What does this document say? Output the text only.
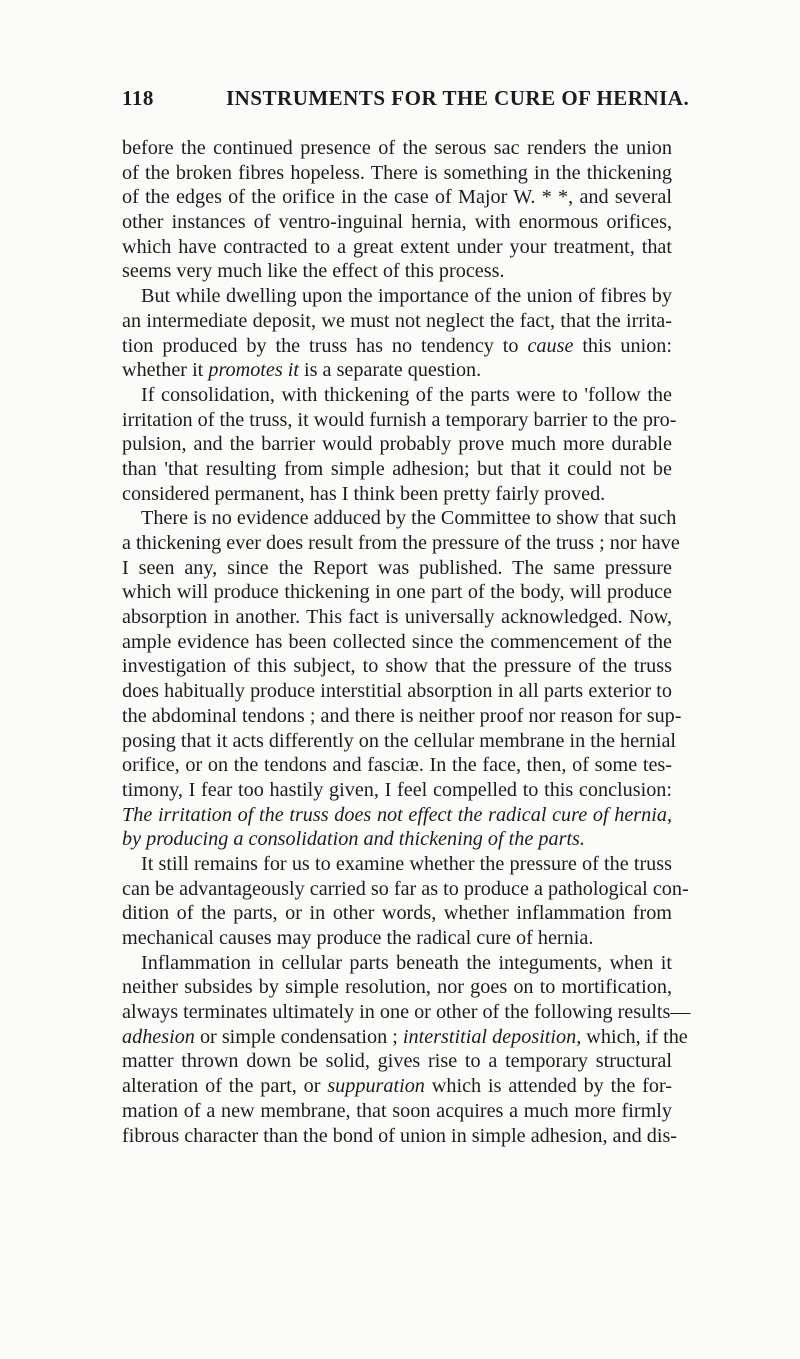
118	INSTRUMENTS FOR THE CURE OF HERNIA.
before the continued presence of the serous sac renders the union
of the broken fibres hopeless. There is something in the thickening
of the edges of the orifice in the case of Major W. * *, and several
other instances of ventro-inguinal hernia, with enormous orifices,
which have contracted to a great extent under your treatment, that
seems very much like the effect of this process.
But while dwelling upon the importance of the union of fibres by
an intermediate deposit, we must not neglect the fact, that the irrita-
tion produced by the truss has no tendency to cause this union:
whether it promotes it is a separate question.
If consolidation, with thickening of the parts were to 'follow the
irritation of the truss, it would furnish a temporary barrier to the pro-
pulsion, and the barrier would probably prove much more durable
than 'that resulting from simple adhesion; but that it could not be
considered permanent, has I think been pretty fairly proved.
There is no evidence adduced by the Committee to show that such
a thickening ever does result from the pressure of the truss ; nor have
I seen any, since the Report was published. The same pressure
which will produce thickening in one part of the body, will produce
absorption in another. This fact is universally acknowledged. Now,
ample evidence has been collected since the commencement of the
investigation of this subject, to show that the pressure of the truss
does habitually produce interstitial absorption in all parts exterior to
the abdominal tendons ; and there is neither proof nor reason for sup-
posing that it acts differently on the cellular membrane in the hernial
orifice, or on the tendons and fasciæ. In the face, then, of some tes-
timony, I fear too hastily given, I feel compelled to this conclusion:
The irritation of the truss does not effect the radical cure of hernia,
by producing a consolidation and thickening of the parts.
It still remains for us to examine whether the pressure of the truss
can be advantageously carried so far as to produce a pathological con-
dition of the parts, or in other words, whether inflammation from
mechanical causes may produce the radical cure of hernia.
Inflammation in cellular parts beneath the integuments, when it
neither subsides by simple resolution, nor goes on to mortification,
always terminates ultimately in one or other of the following results—
adhesion or simple condensation ; interstitial deposition, which, if the
matter thrown down be solid, gives rise to a temporary structural
alteration of the part, or suppuration which is attended by the for-
mation of a new membrane, that soon acquires a much more firmly
fibrous character than the bond of union in simple adhesion, and dis-
